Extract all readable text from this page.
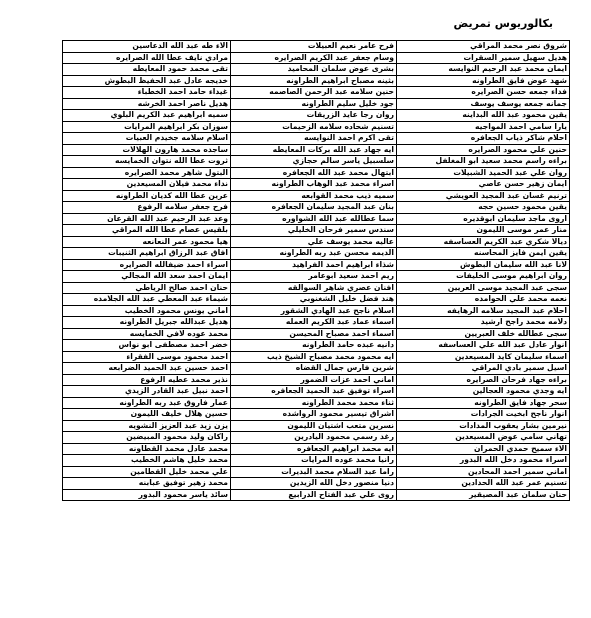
بكالوريوس تمريض
شروق نصر محمد المراقي	فرح عامر نعيم العبيلات	الاء طه عبد الله الدعاسين
هديل سهيل سمير السقرات	وسام جعفر عبد الكريم الصرايره	مرادي نايف عطا الله الصرايره
ايمان محمد عبد الرحيم النوايسه	بشرى عوض سلمان المحاميد	تقى محمد حمود المعايطه
شهد عوض فايق الطراونه	بثينه مصباح ابراهيم الطراونه	خديجه عادل عبد الحفيظ البطوش
فداء جمعه حسن الصرايره	حنين سلامه عبد الرحمن الصاصمه	غيداء حامد احمد الخطباء
جمانه جمعه يوسف يوسف	جود خليل سليم الطراونه	هديل ناصر احمد الخرشه
يقين محمود عبد الله البداينه	روان رجا عايد الزريقات	سميه ابراهيم عبد الكريم البلوي
يارا سامي احمد المواجيه	تسنيم شحاده سلامه الزحيمات	سوزان بكر ابراهيم المرايات
احلام شاكر ذياب الجعافره	تقى اكرم احمد النوايسه	اسلام سلامه جخيدم العبيات
حنين علي محمود الصرايره	ايه جهاد عبد الله بركات المعايطه	ساجده محمد هارون الهلالات
براءه راسم محمد سعيد ابو المغلفل	سلسبيل ياسر سالم حجازي	ثروت عطا الله نتوان الخمايسه
روان علي عبد الحميد الشبيلات	ابتهال محمد عبد الله الجعافره	البتول شاهر محمد الصرايره
ايمان زهير حسن عاصي	اسراء محمد عبد الوهاب الطراونه	نداء محمد فيلان المسيعدين
ترنيم غسان عبد المجيد العويشي	سميه ذيب محمد القوابعه	عرين عطا الله كديان الطراونه
يقين محمود حسين حجه	بنان عبد المجيد سليمان الجعافره	فرح جعفر سلامه الرفوع
اروى ماجد سليمان ابوقديره	سما عطالله عبد الله الشواوره	وعد عبد الرحيم عبد الله القرعان
منار عمر موسى الليمون	سندس سمير فرحان الخليلي	بلقيس عصام عطا الله المراقي
ديالا شكري عبد الكريم العساسفه	عاليه محمد يوسف علي	هيا محمود عمر النعانعه
يقين ايمن فايز المحاسنه	الديمه محسن عبد ربه الطراونه	افاق عبد الرزاق ابراهيم الثنيبات
لانا عبد الله سليمان البطوش	شذاء ابراهيم احمد الفراهيد	اسراء احمد ضيفالله الصرايره
روان ابراهيم موسى الخليفات	ريم احمد سعيد ابوعامر	ايمان احمد سعد الله المجالي
سجى عبد المجيد موسى العريين	افنان عصري شاهر السوالقه	حنان احمد صالح الرياطي
نعمه محمد علي الحوامده	هند فضل خليل الشغنوبي	شيماء عبد المعطي عبد الله الجلامده
احلام عبد المجيد سلامه الرهايفه	اسلام ناجح عبد الهادي الشقور	اماني يونس محمود الخطيب
دلامه محمد راجح ارشيد	اسماء عماد عبد الكريم العمله	هديل عبدالله جبريل الطراونه
سجى عطالله خلف العبريين	اسماء احمد مصباح المحيسن	محمد عوده لافي الخمايسه
انوار عادل عبد الله علي العساسفه	دانيه عبده حامد الطراونه	خضر احمد مصطفى ابو نواس
اسماء سليمان كايد المسيعدين	ايه محمود محمد مصباح الشيخ ذيب	احمد محمود موسى الفقراء
اسيل سمير بادي المراقي	شرين فارس جمال القضاه	احمد حسين عبد الحميد الضرابعه
براءه جهاد فرحان الصرايره	اماني احمد عزات الضمور	نذير محمد عطيه الرفوع
ايه وجدي محمود العجالين	اسراء توفيق عبد الحميد الجعافره	احمد نبيل عبد القادر الزيدي
سحر جهاد فايق الطراونه	ثناء محمد محمد الطراونه	عمار فاروق عبد ربه الطراونه
انوار ناجح ابخيت الجرادات	اشراق تيسير محمود الرواشده	حسين هلال خليف الليمون
نيرمين بشار يعقوب المدادات	نسرين متعب اشتيان الليمون	يزن زيد عبد العزيز النشويه
تهاني سامي عوض المسيعدين	رغد رسمي محمود اليادرين	راكان وليد محمود المبيضين
الاء سميح حمدي الحمران	ايه محمد ابراهيم الجعافره	محمد عادل محمد القطاونه
اسراء محمود دخل الله البدور	رانيا محمد عوده المرايات	محمد خليل هاشم الخطيب
اماني سمير احمد المحادين	راما عبد السلام محمد البديرات	علي محمد خليل القطامين
تسنيم عمر عبد الله الحدادين	دنيا منصور دخل الله الزيدين	محمد زهير توفيق عبابنه
حنان سلمان عبد المصيقير	روى علي عبد الفتاح الدرابيع	سائد ياسر محمود البدور
